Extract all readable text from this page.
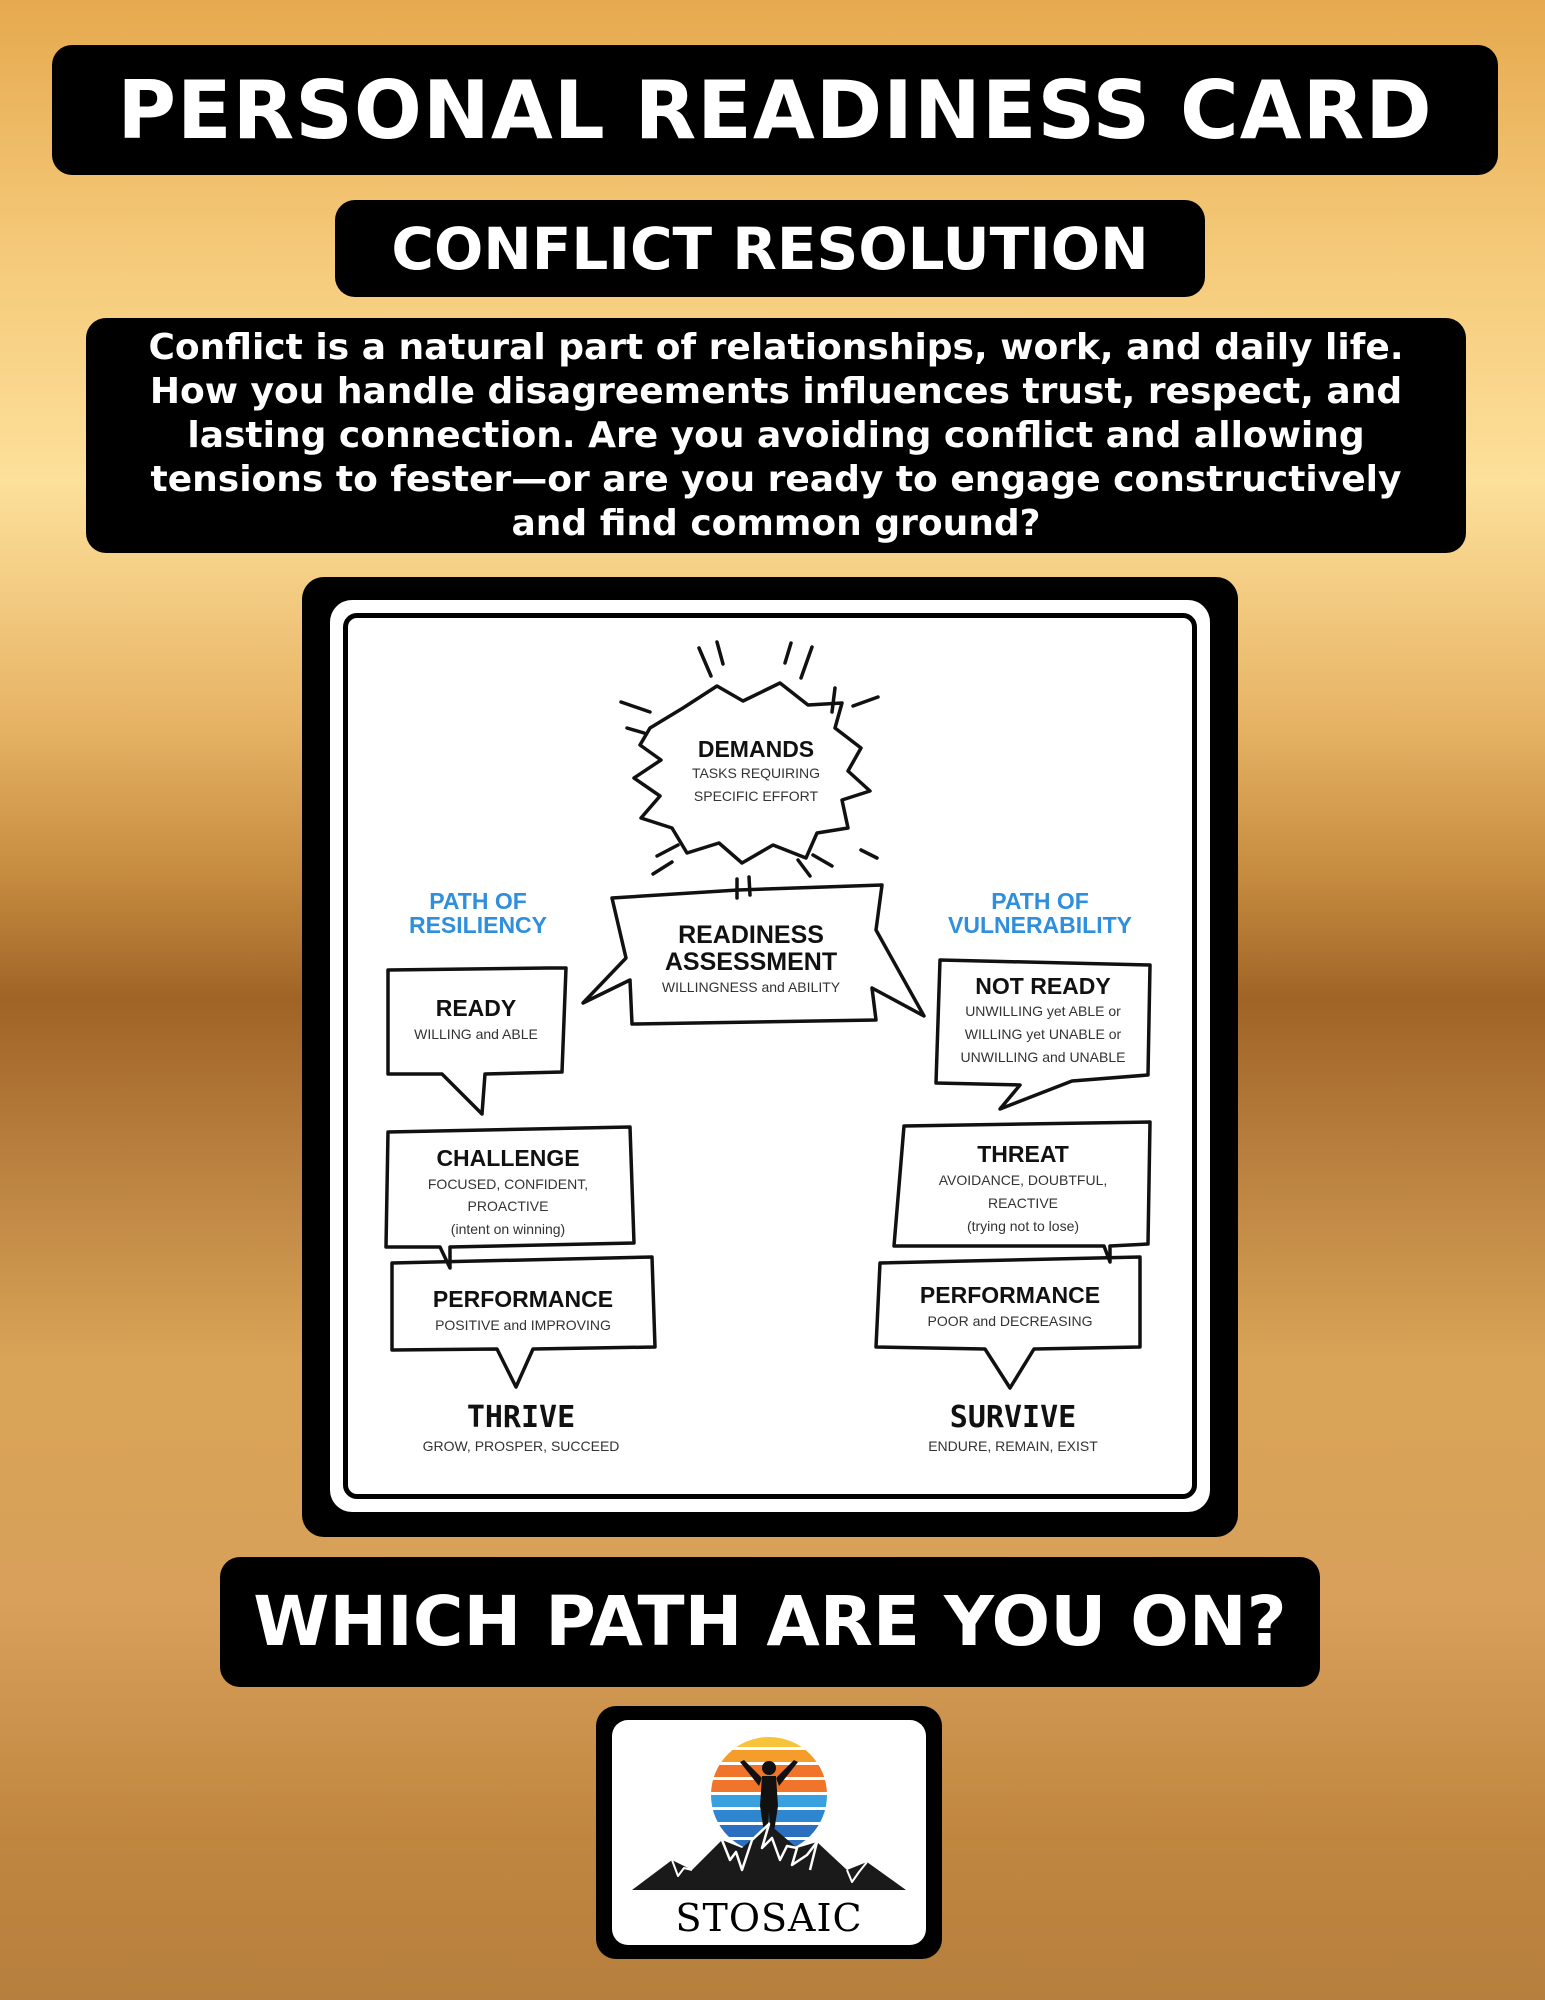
PERSONAL READINESS CARD
CONFLICT RESOLUTION
Conflict is a natural part of relationships, work, and daily life. How you handle disagreements influences trust, respect, and lasting connection. Are you avoiding conflict and allowing tensions to fester—or are you ready to engage constructively and find common ground?
DEMANDS
TASKS REQUIRING
SPECIFIC EFFORT
READINESS
ASSESSMENT
WILLINGNESS and ABILITY
PATH OF
RESILIENCY
PATH OF
VULNERABILITY
READY
WILLING and ABLE
CHALLENGE
FOCUSED, CONFIDENT,
PROACTIVE
(intent on winning)
PERFORMANCE
POSITIVE and IMPROVING
THRIVE
GROW, PROSPER, SUCCEED
NOT READY
UNWILLING yet ABLE or
WILLING yet UNABLE or
UNWILLING and UNABLE
THREAT
AVOIDANCE, DOUBTFUL,
REACTIVE
(trying not to lose)
PERFORMANCE
POOR and DECREASING
SURVIVE
ENDURE, REMAIN, EXIST
WHICH PATH ARE YOU ON?
STOSAIC
